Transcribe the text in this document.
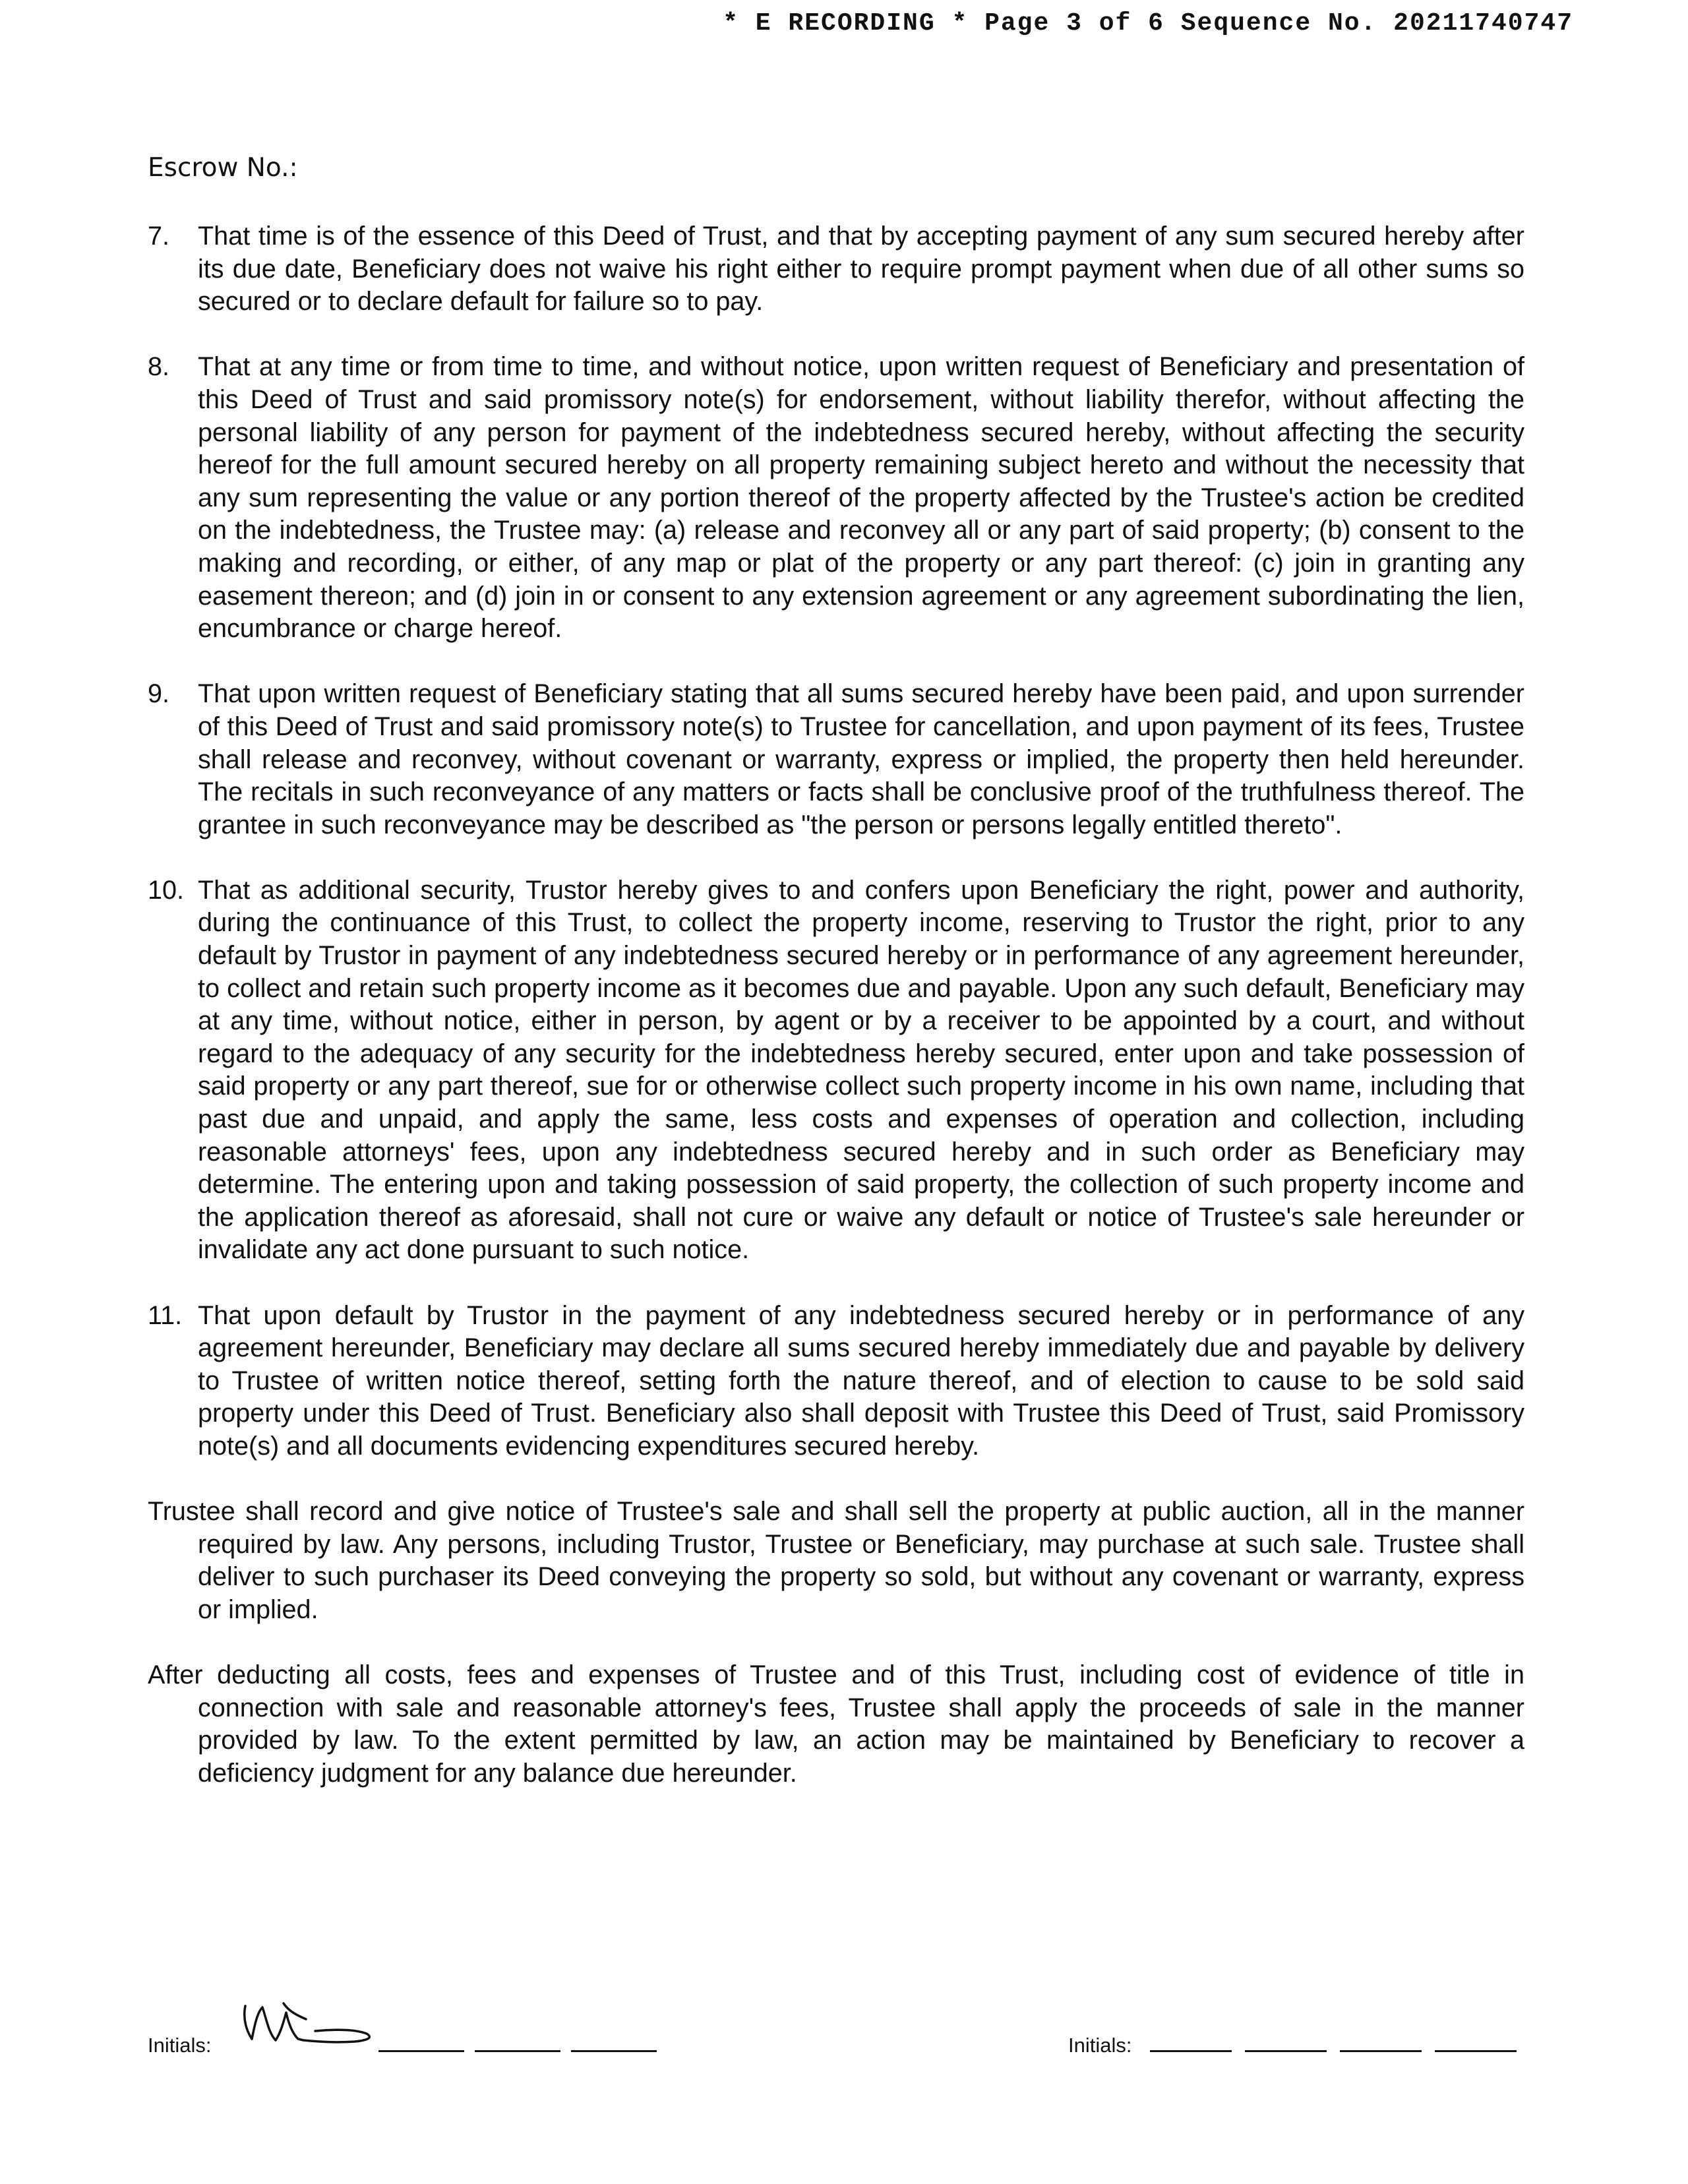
* E RECORDING * Page 3 of 6 Sequence No. 20211740747
Escrow No.:
7.	That time is of the essence of this Deed of Trust, and that by accepting payment of any sum secured hereby after its due date, Beneficiary does not waive his right either to require prompt payment when due of all other sums so secured or to declare default for failure so to pay.
8.	That at any time or from time to time, and without notice, upon written request of Beneficiary and presentation of this Deed of Trust and said promissory note(s) for endorsement, without liability therefor, without affecting the personal liability of any person for payment of the indebtedness secured hereby, without affecting the security hereof for the full amount secured hereby on all property remaining subject hereto and without the necessity that any sum representing the value or any portion thereof of the property affected by the Trustee's action be credited on the indebtedness, the Trustee may: (a) release and reconvey all or any part of said property; (b) consent to the making and recording, or either, of any map or plat of the property or any part thereof: (c) join in granting any easement thereon; and (d) join in or consent to any extension agreement or any agreement subordinating the lien, encumbrance or charge hereof.
9.	That upon written request of Beneficiary stating that all sums secured hereby have been paid, and upon surrender of this Deed of Trust and said promissory note(s) to Trustee for cancellation, and upon payment of its fees, Trustee shall release and reconvey, without covenant or warranty, express or implied, the property then held hereunder. The recitals in such reconveyance of any matters or facts shall be conclusive proof of the truthfulness thereof. The grantee in such reconveyance may be described as "the person or persons legally entitled thereto".
10. That as additional security, Trustor hereby gives to and confers upon Beneficiary the right, power and authority, during the continuance of this Trust, to collect the property income, reserving to Trustor the right, prior to any default by Trustor in payment of any indebtedness secured hereby or in performance of any agreement hereunder, to collect and retain such property income as it becomes due and payable. Upon any such default, Beneficiary may at any time, without notice, either in person, by agent or by a receiver to be appointed by a court, and without regard to the adequacy of any security for the indebtedness hereby secured, enter upon and take possession of said property or any part thereof, sue for or otherwise collect such property income in his own name, including that past due and unpaid, and apply the same, less costs and expenses of operation and collection, including reasonable attorneys' fees, upon any indebtedness secured hereby and in such order as Beneficiary may determine. The entering upon and taking possession of said property, the collection of such property income and the application thereof as aforesaid, shall not cure or waive any default or notice of Trustee's sale hereunder or invalidate any act done pursuant to such notice.
11. That upon default by Trustor in the payment of any indebtedness secured hereby or in performance of any agreement hereunder, Beneficiary may declare all sums secured hereby immediately due and payable by delivery to Trustee of written notice thereof, setting forth the nature thereof, and of election to cause to be sold said property under this Deed of Trust. Beneficiary also shall deposit with Trustee this Deed of Trust, said Promissory note(s) and all documents evidencing expenditures secured hereby.
Trustee shall record and give notice of Trustee's sale and shall sell the property at public auction, all in the manner required by law. Any persons, including Trustor, Trustee or Beneficiary, may purchase at such sale. Trustee shall deliver to such purchaser its Deed conveying the property so sold, but without any covenant or warranty, express or implied.
After deducting all costs, fees and expenses of Trustee and of this Trust, including cost of evidence of title in connection with sale and reasonable attorney's fees, Trustee shall apply the proceeds of sale in the manner provided by law. To the extent permitted by law, an action may be maintained by Beneficiary to recover a deficiency judgment for any balance due hereunder.
Initials:	Initials:
